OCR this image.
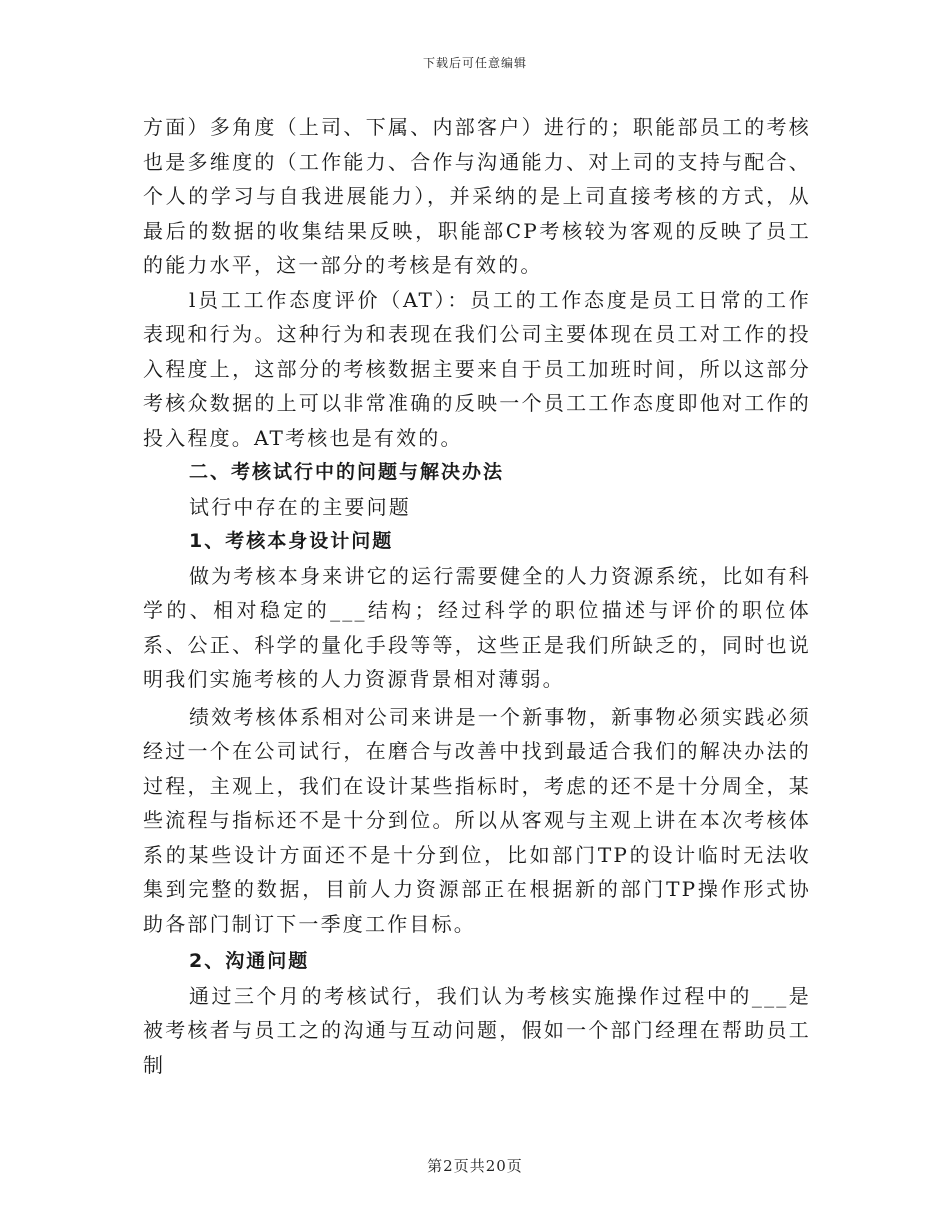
下载后可任意编辑

方面）多角度（上司、下属、内部客户）进行的；职能部员工的考核也是多维度的（工作能力、合作与沟通能力、对上司的支持与配合、个人的学习与自我进展能力），并采纳的是上司直接考核的方式，从最后的数据的收集结果反映，职能部CP考核较为客观的反映了员工的能力水平，这一部分的考核是有效的。

l员工工作态度评价（AT）：员工的工作态度是员工日常的工作表现和行为。这种行为和表现在我们公司主要体现在员工对工作的投入程度上，这部分的考核数据主要来自于员工加班时间，所以这部分考核众数据的上可以非常准确的反映一个员工工作态度即他对工作的投入程度。AT考核也是有效的。

二、考核试行中的问题与解决办法

试行中存在的主要问题

1、考核本身设计问题

做为考核本身来讲它的运行需要健全的人力资源系统，比如有科学的、相对稳定的___结构；经过科学的职位描述与评价的职位体系、公正、科学的量化手段等等，这些正是我们所缺乏的，同时也说明我们实施考核的人力资源背景相对薄弱。

绩效考核体系相对公司来讲是一个新事物，新事物必须实践必须经过一个在公司试行，在磨合与改善中找到最适合我们的解决办法的过程，主观上，我们在设计某些指标时，考虑的还不是十分周全，某些流程与指标还不是十分到位。所以从客观与主观上讲在本次考核体系的某些设计方面还不是十分到位，比如部门TP的设计临时无法收集到完整的数据，目前人力资源部正在根据新的部门TP操作形式协助各部门制订下一季度工作目标。

2、沟通问题

通过三个月的考核试行，我们认为考核实施操作过程中的___是被考核者与员工之的沟通与互动问题，假如一个部门经理在帮助员工制

第2页共20页
